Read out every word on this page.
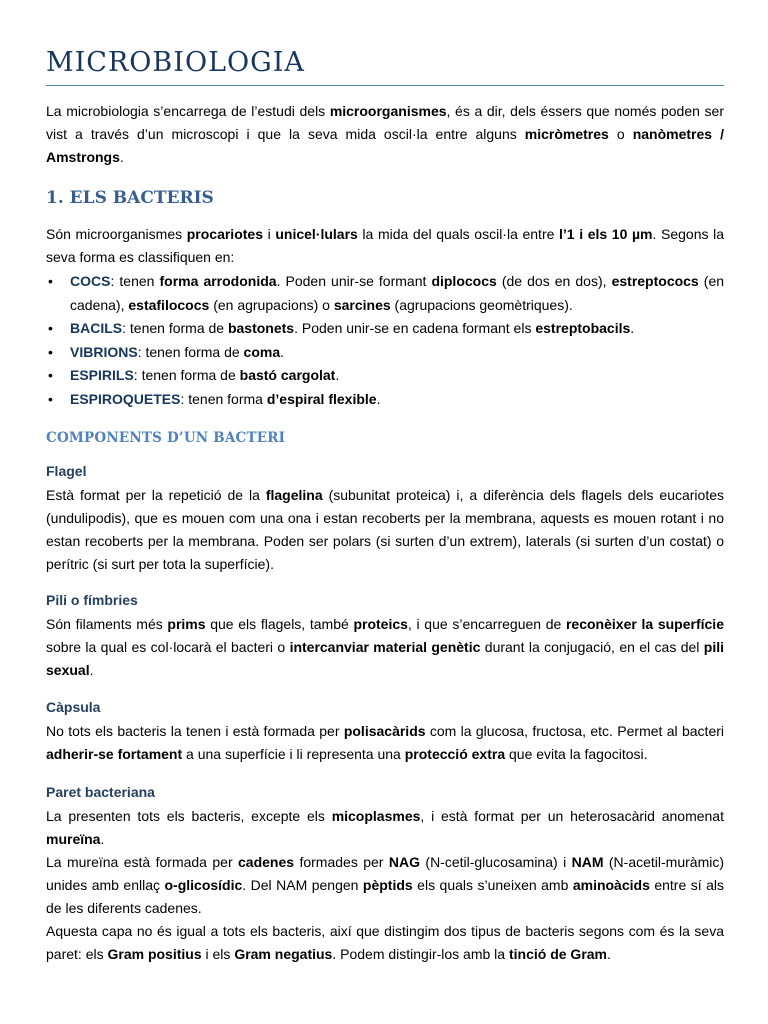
MICROBIOLOGIA

La microbiologia s’encarrega de l’estudi dels microorganismes, és a dir, dels éssers que només poden ser vist a través d’un microscopi i que la seva mida oscil·la entre alguns micròmetres o nanòmetres / Amstrongs.

1. ELS BACTERIS

Són microorganismes procariotes i unicel·lulars la mida del quals oscil·la entre l’1 i els 10 µm. Segons la seva forma es classifiquen en:

• COCS: tenen forma arrodonida. Poden unir-se formant diplococs (de dos en dos), estreptococs (en cadena), estafilococs (en agrupacions) o sarcines (agrupacions geomètriques).
• BACILS: tenen forma de bastonets. Poden unir-se en cadena formant els estreptobacils.
• VIBRIONS: tenen forma de coma.
• ESPIRILS: tenen forma de bastó cargolat.
• ESPIROQUETES: tenen forma d’espiral flexible.
COMPONENTS D’UN BACTERI
Flagel

Està format per la repetició de la flagelina (subunitat proteica) i, a diferència dels flagels dels eucariotes (undulipodis), que es mouen com una ona i estan recoberts per la membrana, aquests es mouen rotant i no estan recoberts per la membrana. Poden ser polars (si surten d’un extrem), laterals (si surten d’un costat) o perítric (si surt per tota la superfície).

Pili o fímbries

Són filaments més prims que els flagels, també proteics, i que s’encarreguen de reconèixer la superfície sobre la qual es col·locarà el bacteri o intercanviar material genètic durant la conjugació, en el cas del pili sexual.

Càpsula

No tots els bacteris la tenen i està formada per polisacàrids com la glucosa, fructosa, etc. Permet al bacteri adherir-se fortament a una superfície i li representa una protecció extra que evita la fagocitosi.

Paret bacteriana

La presenten tots els bacteris, excepte els micoplasmes, i està format per un heterosacàrid anomenat mureïna.

La mureïna està formada per cadenes formades per NAG (N-cetil-glucosamina) i NAM (N-acetil-muràmic) unides amb enllaç o-glicosídic. Del NAM pengen pèptids els quals s’uneixen amb aminoàcids entre sí als de les diferents cadenes.

Aquesta capa no és igual a tots els bacteris, així que distingim dos tipus de bacteris segons com és la seva paret: els Gram positius i els Gram negatius. Podem distingir-los amb la tinció de Gram.
